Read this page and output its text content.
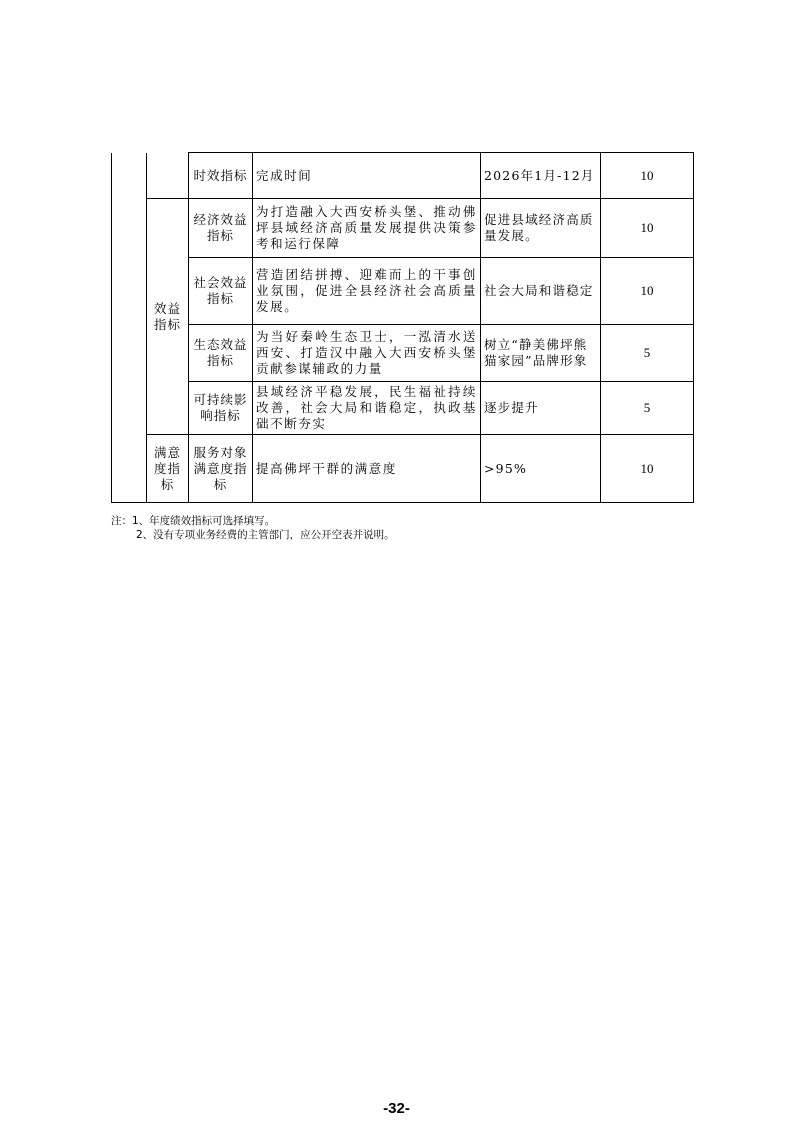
		时效指标	完成时间	2026年1月-12月	10
	效益指标	经济效益指标	为打造融入大西安桥头堡、推动佛坪县域经济高质量发展提供决策参考和运行保障	促进县域经济高质量发展。	10
		社会效益指标	营造团结拼搏、迎难而上的干事创业氛围，促进全县经济社会高质量发展。	社会大局和谐稳定	10
		生态效益指标	为当好秦岭生态卫士，一泓清水送西安、打造汉中融入大西安桥头堡贡献参谋辅政的力量	树立“静美佛坪熊猫家园”品牌形象	5
		可持续影响指标	县域经济平稳发展，民生福祉持续改善，社会大局和谐稳定，执政基础不断夯实	逐步提升	5
	满意度指标	服务对象满意度指标	提高佛坪干群的满意度	>95%	10
注：1、年度绩效指标可选择填写。
2、没有专项业务经费的主管部门，应公开空表并说明。
-32-
